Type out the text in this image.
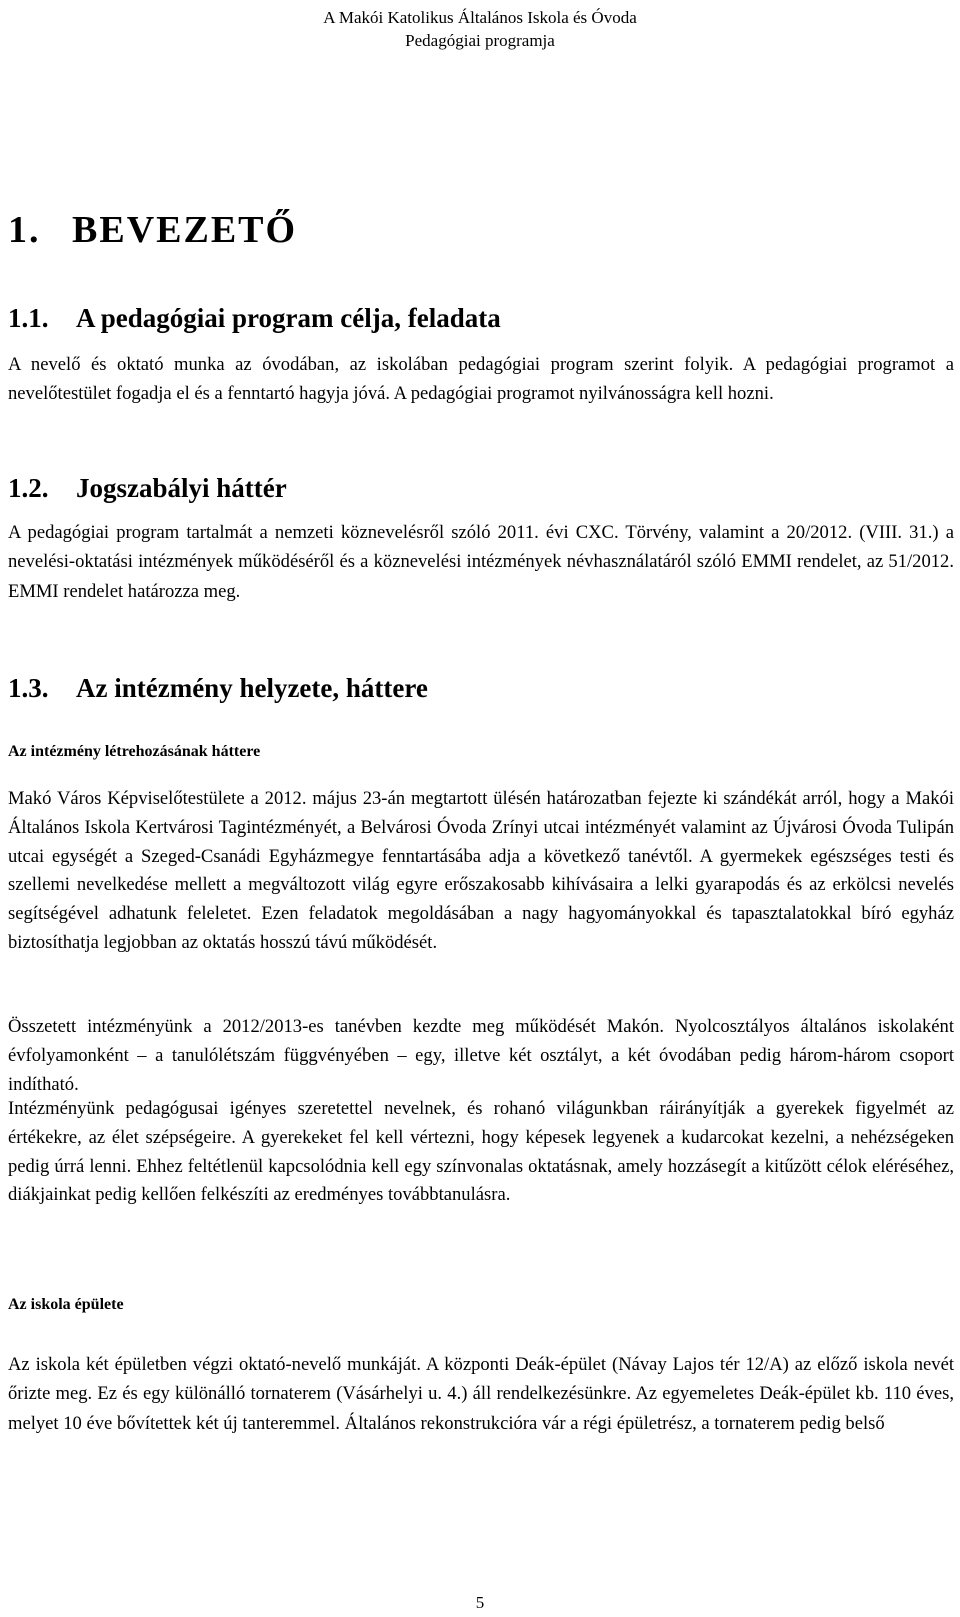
A Makói Katolikus Általános Iskola és Óvoda
Pedagógiai programja
1. BEVEZETŐ
1.1. A pedagógiai program célja, feladata
A nevelő és oktató munka az óvodában, az iskolában pedagógiai program szerint folyik. A pedagógiai programot a nevelőtestület fogadja el és a fenntartó hagyja jóvá. A pedagógiai programot nyilvánosságra kell hozni.
1.2. Jogszabályi háttér
A pedagógiai program tartalmát a nemzeti köznevelésről szóló 2011. évi CXC. Törvény, valamint a 20/2012. (VIII. 31.) a nevelési-oktatási intézmények működéséről és a köznevelési intézmények névhasználatáról szóló EMMI rendelet, az 51/2012. EMMI rendelet határozza meg.
1.3. Az intézmény helyzete, háttere
Az intézmény létrehozásának háttere
Makó Város Képviselőtestülete a 2012. május 23-án megtartott ülésén határozatban fejezte ki szándékát arról, hogy a Makói Általános Iskola Kertvárosi Tagintézményét, a Belvárosi Óvoda Zrínyi utcai intézményét valamint az Újvárosi Óvoda Tulipán utcai egységét a Szeged-Csanádi Egyházmegye fenntartásába adja a következő tanévtől. A gyermekek egészséges testi és szellemi nevelkedése mellett a megváltozott világ egyre erőszakosabb kihívásaira a lelki gyarapodás és az erkölcsi nevelés segítségével adhatunk feleletet. Ezen feladatok megoldásában a nagy hagyományokkal és tapasztalatokkal bíró egyház biztosíthatja legjobban az oktatás hosszú távú működését.
Összetett intézményünk a 2012/2013-es tanévben kezdte meg működését Makón. Nyolcosztályos általános iskolaként évfolyamonként – a tanulólétszám függvényében – egy, illetve két osztályt, a két óvodában pedig három-három csoport indítható.
Intézményünk pedagógusai igényes szeretettel nevelnek, és rohanó világunkban ráirányítják a gyerekek figyelmét az értékekre, az élet szépségeire. A gyerekeket fel kell vértezni, hogy képesek legyenek a kudarcokat kezelni, a nehézségeken pedig úrrá lenni. Ehhez feltétlenül kapcsolódnia kell egy színvonalas oktatásnak, amely hozzásegít a kitűzött célok eléréséhez, diákjainkat pedig kellően felkészíti az eredményes továbbtanulásra.
Az iskola épülete
Az iskola két épületben végzi oktató-nevelő munkáját. A központi Deák-épület (Návay Lajos tér 12/A) az előző iskola nevét őrizte meg. Ez és egy különálló tornaterem (Vásárhelyi u. 4.) áll rendelkezésünkre. Az egyemeletes Deák-épület kb. 110 éves, melyet 10 éve bővítettek két új tanteremmel. Általános rekonstrukcióra vár a régi épületrész, a tornaterem pedig belső
5
